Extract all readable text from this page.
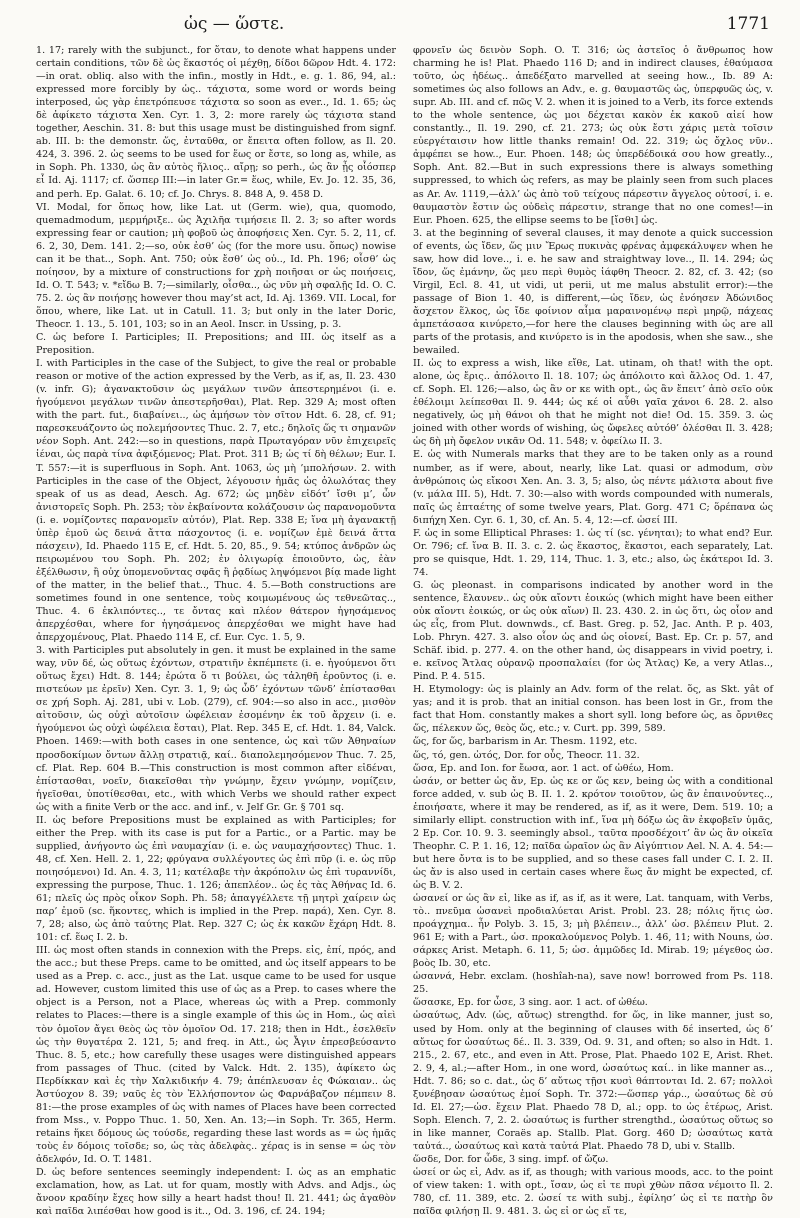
ὡς — ὥστε.	1771

1. 17; rarely with the subjunct., for ὅταν, to denote what happens under certain conditions, τῶν δὲ ὡς ἕκαστός οἱ μέχθῃ, δίδοι δῶρον Hdt. 4. 172:—in orat. obliq. also with the infin., mostly in Hdt., e. g. 1. 86, 94, al.: expressed more forcibly by ὡς.. τάχιστα, some word or words being interposed, ὡς γὰρ ἐπετρόπευσε τάχιστα so soon as ever.., Id. 1. 65; ὡς δὲ ἀφίκετο τάχιστα Xen. Cyr. 1. 3, 2: more rarely ὡς τάχιστα stand together, Aeschin. 31. 8: but this usage must be distinguished from signf. ab. III. b: the demonstr. ὥς, ἐνταῦθα, or ἔπειτα often follow, as Il. 20. 424, 3. 396. 2. ὡς seems to be used for ἕως or ἔστε, so long as, while, as in Soph. Ph. 1330, ὡς ἂν αὐτὸς ἥλιος.. αἴρῃ; so perh., ὡς ἂν ᾖς οἷόσπερ εἶ Id. Aj. 1117; cf. ὥσπερ III:—in later Gr.= ἕως, while, Ev. Jo. 12. 35, 36, and perh. Ep. Galat. 6. 10; cf. Jo. Chrys. 8. 848 A, 9. 458 D.

VI. Modal, for ὅπως how, like Lat. ut (Germ. wie), qua, quomodo, quemadmodum, μερμήριξε.. ὡς Ἀχιλῆα τιμήσειε Il. 2. 3; so after words expressing fear or caution; μὴ φοβοῦ ὡς ἀποφήσεις Xen. Cyr. 5. 2, 11, cf. 6. 2, 30, Dem. 141. 2;—so, οὐκ ἐσθ’ ὡς (for the more usu. ὅπως) nowise can it be that.., Soph. Ant. 750; οὐκ ἔσθ’ ὡς οὐ.., Id. Ph. 196; οἶσθ’ ὡς ποίησον, by a mixture of constructions for χρὴ ποιῆσαι or ὡς ποιήσεις, Id. O. T. 543; v. *εἴδω B. 7;—similarly, οἶσθα.., ὡς νῦν μὴ σφαλῇς Id. O. C. 75. 2. ὡς ἂν ποιήσῃς however thou may’st act, Id. Aj. 1369. VII. Local, for ὅπου, where, like Lat. ut in Catull. 11. 3; but only in the later Doric, Theocr. 1. 13., 5. 101, 103; so in an Aeol. Inscr. in Ussing, p. 3.

C. ὡς before I. Participles; II. Prepositions; and III. ὡς itself as a Preposition.

I. with Participles in the case of the Subject, to give the real or probable reason or motive of the action expressed by the Verb, as if, as, Il. 23. 430 (v. infr. G); ἀγανακτοῦσιν ὡς μεγάλων τινῶν ἀπεστερημένοι (i. e. ἡγούμενοι μεγάλων τινῶν ἀπεστερῆσθαι), Plat. Rep. 329 A; most often with the part. fut., διαβαίνει.., ὡς ἀμήσων τὸν σῖτον Hdt. 6. 28, cf. 91; παρεσκευάζοντο ὡς πολεμήσοντες Thuc. 2. 7, etc.; δηλοῖς ὥς τι σημανῶν νέον Soph. Ant. 242:—so in questions, παρὰ Πρωταγόραν νῦν ἐπιχειρεῖς ἰέναι, ὡς παρὰ τίνα ἀφιξόμενος; Plat. Prot. 311 B; ὡς τί δὴ θέλων; Eur. I. T. 557:—it is superfluous in Soph. Ant. 1063, ὡς μὴ ’μπολήσων. 2. with Participles in the case of the Object, λέγουσιν ἡμᾶς ὡς ὀλωλότας they speak of us as dead, Aesch. Ag. 672; ὡς μηδὲν εἰδότ’ ἴσθι μ’, ὧν ἀνιστορεῖς Soph. Ph. 253; τὸν ἐκβαίνοντα κολάζουσιν ὡς παρανομοῦντα (i. e. νομίζοντες παρανομεῖν αὐτόν), Plat. Rep. 338 E; ἵνα μὴ ἀγανακτῇ ὑπὲρ ἐμοῦ ὡς δεινά ἄττα πάσχοντος (i. e. νομίζων ἐμὲ δεινά ἄττα πάσχειν), Id. Phaedo 115 E, cf. Hdt. 5. 20, 85., 9. 54; κτύπος ἀνδρῶν ὡς πειρωμένου του Soph. Ph. 202; ἐν ὀλιγωρίᾳ ἐποιοῦντο, ὡς, ἐὰν ἐξέλθωσιν, ἢ οὐχ ὑπομενοῦντας σφᾶς ἢ ῥᾳδίως ληψόμενοι βίᾳ made light of the matter, in the belief that.., Thuc. 4. 5.—Both constructions are sometimes found in one sentence, τοὺς κοιμωμένους ὡς τεθνεῶτας.., Thuc. 4. 6 ἐκλιπόντες.., τε ὄντας καὶ πλέον θάτερον ἡγησάμενος ἀπερχέσθαι, where for ἡγησάμενος ἀπερχέσθαι we might have had ἀπερχομένους, Plat. Phaedo 114 E, cf. Eur. Cyc. 1. 5, 9.

3. with Participles put absolutely in gen. it must be explained in the same way, νῦν δέ, ὡς οὕτως ἐχόντων, στρατιῆν ἐκπέμπετε (i. e. ἡγούμενοι ὅτι οὕτως ἔχει) Hdt. 8. 144; ἐρώτα ὅ τι βούλει, ὡς τἀληθῆ ἐροῦντος (i. e. πιστεύων με ἐρεῖν) Xen. Cyr. 3. 1, 9; ὡς ὧδ’ ἐχόντων τῶνδ’ ἐπίστασθαι σε χρή Soph. Aj. 281, ubi v. Lob. (279), cf. 904:—so also in acc., μισθὸν αἰτοῦσιν, ὡς οὐχὶ αὐτοῖσιν ὠφέλειαν ἐσομένην ἐκ τοῦ ἄρχειν (i. e. ἡγούμενοι ὡς οὐχὶ ὠφέλεια ἔσται), Plat. Rep. 345 E, cf. Hdt. 1. 84, Valck. Phoen. 1469:—with both cases in one sentence, ὡς καὶ τῶν Ἀθηναίων προσδοκίμων ὄντων ἄλλῃ στρατιᾷ, καί.. διαπολεμησόμενον Thuc. 7. 25, cf. Plat. Rep. 604 B.—This construction is most common after εἰδέναι, ἐπίστασθαι, νοεῖν, διακεῖσθαι τὴν γνώμην, ἔχειν γνώμην, νομίζειν, ἡγεῖσθαι, ὑποτίθεσθαι, etc., with which Verbs we should rather expect ὡς with a finite Verb or the acc. and inf., v. Jelf Gr. Gr. § 701 sq.

II. ὡς before Prepositions must be explained as with Participles; for either the Prep. with its case is put for a Partic., or a Partic. may be supplied, ἀνήγοντο ὡς ἐπὶ ναυμαχίαν (i. e. ὡς ναυμαχήσοντες) Thuc. 1. 48, cf. Xen. Hell. 2. 1, 22; φρύγανα συλλέγοντες ὡς ἐπὶ πῦρ (i. e. ὡς πῦρ ποιησόμενοι) Id. An. 4. 3, 11; κατέλαβε τὴν ἀκρόπολιν ὡς ἐπὶ τυραννίδι, expressing the purpose, Thuc. 1. 126; ἀπεπλέον.. ὡς ἐς τὰς Ἀθήνας Id. 6. 61; πλεῖς ὡς πρὸς οἶκον Soph. Ph. 58; ἀπαγγέλλετε τῇ μητρὶ χαίρειν ὡς παρ’ ἐμοῦ (sc. ἥκοντες, which is implied in the Prep. παρά), Xen. Cyr. 8. 7, 28; also, ὡς ἀπὸ ταύτης Plat. Rep. 327 C; ὡς ἐκ κακῶν ἔχάρη Hdt. 8. 101: cf. ἕως I. 2. b.

III. ὡς most often stands in connexion with the Preps. εἰς, ἐπί, πρός, and the acc.; but these Preps. came to be omitted, and ὡς itself appears to be used as a Prep. c. acc., just as the Lat. usque came to be used for usque ad. However, custom limited this use of ὡς as a Prep. to cases where the object is a Person, not a Place, whereas ὡς with a Prep. commonly relates to Places:—there is a single example of this ὡς in Hom., ὡς αἰεὶ τὸν ὁμοῖον ἄγει θεὸς ὡς τὸν ὁμοῖον Od. 17. 218; then in Hdt., ἐσελθεῖν ὡς τὴν θυγατέρα 2. 121, 5; and freq. in Att., ὡς Ἆγιν ἐπρεσβεύσαντο Thuc. 8. 5, etc.; how carefully these usages were distinguished appears from passages of Thuc. (cited by Valck. Hdt. 2. 135), ἀφίκετο ὡς Περδίκκαν καὶ ἐς τὴν Χαλκιδικήν 4. 79; ἀπέπλευσαν ἐς Φώκαιαν.. ὡς Ἀστύοχον 8. 39; ναῦς ἐς τὸν Ἑλλήσποντον ὡς Φαρνάβαζον πέμπειν 8. 81:—the prose examples of ὡς with names of Places have been corrected from Mss., v. Poppo Thuc. 1. 50, Xen. An. 13;—in Soph. Tr. 365, Herm. retains ἥκει δόμους ὡς τούσδε, regarding these last words as = ὡς ἡμᾶς τοὺς ἐν δόμοις τοῖσδε; so, ὡς τὰς ἀδελφὰς.. χέρας is in sense = ὡς τὸν ἀδελφόν, Id. O. T. 1481.

D. ὡς before sentences seemingly independent: I. ὡς as an emphatic exclamation, how, as Lat. ut for quam, mostly with Advs. and Adjs., ὡς ἄνοον κραδίην ἔχες how silly a heart hadst thou! Il. 21. 441; ὡς ἀγαθὸν καὶ παῖδα λιπέσθαι how good is it.., Od. 3. 196, cf. 24. 194;

φρονεῖν ὡς δεινὸν Soph. O. T. 316; ὡς ἀστεῖος ὁ ἄνθρωπος how charming he is! Plat. Phaedo 116 D; and in indirect clauses, ἐθαύμασα τοῦτο, ὡς ἡδέως.. ἀπεδέξατο marvelled at seeing how.., Ib. 89 A: sometimes ὡς also follows an Adv., e. g. θαυμαστῶς ὡς, ὑπερφυῶς ὡς, v. supr. Ab. III. and cf. πῶς V. 2. when it is joined to a Verb, its force extends to the whole sentence, ὡς μοι δέχεται κακὸν ἐκ κακοῦ αἰεί how constantly.., Il. 19. 290, cf. 21. 273; ὡς οὐκ ἔστι χάρις μετὰ τοῖσιν εὐεργέταισιν how little thanks remain! Od. 22. 319; ὡς ὄχλος νῦν.. ἀμφέπει se how.., Eur. Phoen. 148; ὡς ὑπερδέδοικά σου how greatly.., Soph. Ant. 82.—But in such expressions there is always something suppressed, to which ὡς refers, as may be plainly seen from such places as Ar. Av. 1119,—ἀλλ’ ὡς ἀπὸ τοῦ τείχους πάρεστιν ἄγγελος οὑτοσί, i. e. θαυμαστὸν ἔστιν ὡς οὐδεὶς πάρεστιν, strange that no one comes!—in Eur. Phoen. 625, the ellipse seems to be [ἴσθι] ὡς.

3. at the beginning of several clauses, it may denote a quick succession of events, ὡς ἴδεν, ὥς μιν Ἔρως πυκινὰς φρένας ἀμφεκάλυψεν when he saw, how did love.., i. e. he saw and straightway love.., Il. 14. 294; ὡς ἴδον, ὥς ἐμάνην, ὥς μευ περὶ θυμὸς ἰάφθη Theocr. 2. 82, cf. 3. 42; (so Virgil, Ecl. 8. 41, ut vidi, ut perii, ut me malus abstulit error):—the passage of Bion 1. 40, is different,—ὡς ἴδεν, ὡς ἐνόησεν Ἀδώνιδος ἄσχετον ἕλκος, ὡς ἴδε φοίνιον αἷμα μαραινομένῳ περὶ μηρῷ, πάχεας ἀμπετάσασα κινύρετο,—for here the clauses beginning with ὡς are all parts of the protasis, and κινύρετο is in the apodosis, when she saw.., she bewailed.

II. ὡς to express a wish, like εἴθε, Lat. utinam, oh that! with the opt. alone, ὡς ἔρις.. ἀπόλοιτο Il. 18. 107; ὡς ἀπόλοιτο καὶ ἄλλος Od. 1. 47, cf. Soph. El. 126;—also, ὡς ἂν or κε with opt., ὡς ἂν ἔπειτ’ ἀπὸ σεῖο οὐκ ἐθέλοιμι λείπεσθαι Il. 9. 444; ὡς κέ οἱ αὖθι γαῖα χάνοι 6. 28. 2. also negatively, ὡς μὴ θάνοι oh that he might not die! Od. 15. 359. 3. ὡς joined with other words of wishing, ὡς ὤφελες αὐτόθ’ ὀλέσθαι Il. 3. 428; ὡς δὴ μὴ ὄφελον νικᾶν Od. 11. 548; v. ὀφείλω II. 3.

E. ὡς with Numerals marks that they are to be taken only as a round number, as if were, about, nearly, like Lat. quasi or admodum, σὺν ἀνθρώποις ὡς εἴκοσι Xen. An. 3. 3, 5; also, ὡς πέντε μάλιστα about five (v. μάλα III. 5), Hdt. 7. 30:—also with words compounded with numerals, παῖς ὡς ἑπταέτης of some twelve years, Plat. Gorg. 471 C; ὅρέπανα ὡς διπήχη Xen. Cyr. 6. 1, 30, cf. An. 5. 4, 12:—cf. ὡσεί III.

F. ὡς in some Elliptical Phrases: 1. ὡς τί (sc. γένηται); to what end? Eur. Or. 796; cf. ἵνα B. II. 3. c. 2. ὡς ἕκαστος, ἕκαστοι, each separately, Lat. pro se quisque, Hdt. 1. 29, 114, Thuc. 1. 3, etc.; also, ὡς ἑκάτεροι Id. 3. 74.

G. ὡς pleonast. in comparisons indicated by another word in the sentence, ἔλαυνεν.. ὡς οὐκ αἴοντι ἐοικώς (which might have been either οὐκ αἴοντι ἐοικώς, or ὡς οὐκ αἴων) Il. 23. 430. 2. in ὡς ὅτι, ὡς οἷον and ὡς εἷς, from Plut. downwds., cf. Bast. Greg. p. 52, Jac. Anth. P. p. 403, Lob. Phryn. 427. 3. also οἷον ὡς and ὡς οἱονεί, Bast. Ep. Cr. p. 57, and Schäf. ibid. p. 277. 4. on the other hand, ὡς disappears in vivid poetry, i. e. κεῖνος Ἄτλας οὐρανῷ προσπαλαίει (for ὡς Ἄτλας) Ke, a very Atlas.., Pind. P. 4. 515.

H. Etymology: ὡς is plainly an Adv. form of the relat. ὅς, as Skt. yât of yas; and it is prob. that an initial conson. has been lost in Gr., from the fact that Hom. constantly makes a short syll. long before ὡς, as ὄρνιθες ὥς, πέλεκυν ὥς, θεὸς ὥς, etc.; v. Curt. pp. 399, 589.

ὥς, for ὥς, barbarism in Ar. Thesm. 1192, etc.

ὥς, τό, gen. ὠτός, Dor. for οὖς, Theocr. 11. 32.

ὥσα, Ep. and Ion. for ἔωσα, aor. 1 act. of ὠθέω, Hom.

ὠσάν, or better ὡς ἄν, Ep. ὡς κε or ὥς κεν, being ὡς with a conditional force added, v. sub ὡς B. II. 1. 2. κρότον τοιοῦτον, ὡς ἂν ἐπαινούντες.., ἐποιήσατε, where it may be rendered, as if, as it were, Dem. 519. 10; a similarly ellipt. construction with inf., ἵνα μὴ δόξω ὡς ἂν ἐκφοβεῖν ὑμᾶς, 2 Ep. Cor. 10. 9. 3. seemingly absol., ταῦτα προσδέχοιτ’ ἂν ὡς ἂν οἰκεῖα Theophr. C. P. 1. 16, 12; παῖδα ὡραῖον ὡς ἂν Αἰγύπτιον Ael. N. A. 4. 54:—but here ὄντα is to be supplied, and so these cases fall under C. I. 2. II. ὡς ἄν is also used in certain cases where ἕως ἄν might be expected, cf. ὡς B. V. 2.

ὡσανεί or ὡς ἂν εἰ, like as if, as if, as it were, Lat. tanquam, with Verbs, τὸ.. πνεῦμα ὡσανεὶ προδιαλύεται Arist. Probl. 23. 28; πόλις ἥτις ὡσ. προάγχημα.. ἦν Polyb. 3. 15, 3; μὴ βλέπειν.., ἀλλ’ ὡσ. βλέπειν Plut. 2. 961 E; with a Part., ὡσ. προκαλούμενος Polyb. 1. 46, 11; with Nouns, ὡσ. σάρκες Arist. Metaph. 6. 11, 5; ὡσ. ἀμμῶδες Id. Mirab. 19; μέγεθος ὡσ. βοὸς Ib. 30, etc.

ὡσαννά, Hebr. exclam. (hoshîah-na), save now! borrowed from Ps. 118. 25.

ὥσασκε, Ep. for ὦσε, 3 sing. aor. 1 act. of ὠθέω.

ὡσαύτως, Adv. (ὡς, αὔτως) strengthd. for ὥς, in like manner, just so, used by Hom. only at the beginning of clauses with δέ inserted, ὡς δ’ αὔτως for ὡσαύτως δέ.. Il. 3. 339, Od. 9. 31, and often; so also in Hdt. 1. 215., 2. 67, etc., and even in Att. Prose, Plat. Phaedo 102 E, Arist. Rhet. 2. 9, 4, al.;—after Hom., in one word, ὡσαύτως καί.. in like manner as.., Hdt. 7. 86; so c. dat., ὡς δ’ αὔτως τῇσι κυσὶ θάπτονται Id. 2. 67; πολλοὶ ξυνέβησαν ὡσαύτως ἐμοί Soph. Tr. 372:—ὥσπερ γάρ.., ὡσαύτως δὲ σύ Id. El. 27;—ὡσ. ἔχειν Plat. Phaedo 78 D, al.; opp. to ὡς ἑτέρως, Arist. Soph. Elench. 7, 2. 2. ὡσαύτως is further strengthd., ὡσαύτως οὕτως so in like manner, Coraës ap. Stallb. Plat. Gorg. 460 D; ὡσαύτως κατὰ ταὐτά.., ὡσαύτως καὶ κατὰ ταὐτά Plat. Phaedo 78 D, ubi v. Stallb.

ὥσδε, Dor. for ὧδε, 3 sing. impf. of ὤζω.

ὡσεί or ὡς εἰ, Adv. as if, as though; with various moods, acc. to the point of view taken: 1. with opt., ἴσαν, ὡς εἰ τε πυρὶ χθὼν πᾶσα νέμοιτο Il. 2. 780, cf. 11. 389, etc. 2. ὡσεί τε with subj., ἐφίλησ’ ὡς εἰ τε πατὴρ ὃν παῖδα φιλήσῃ Il. 9. 481. 3. ὡς εἰ or ὡς εἴ τε,
